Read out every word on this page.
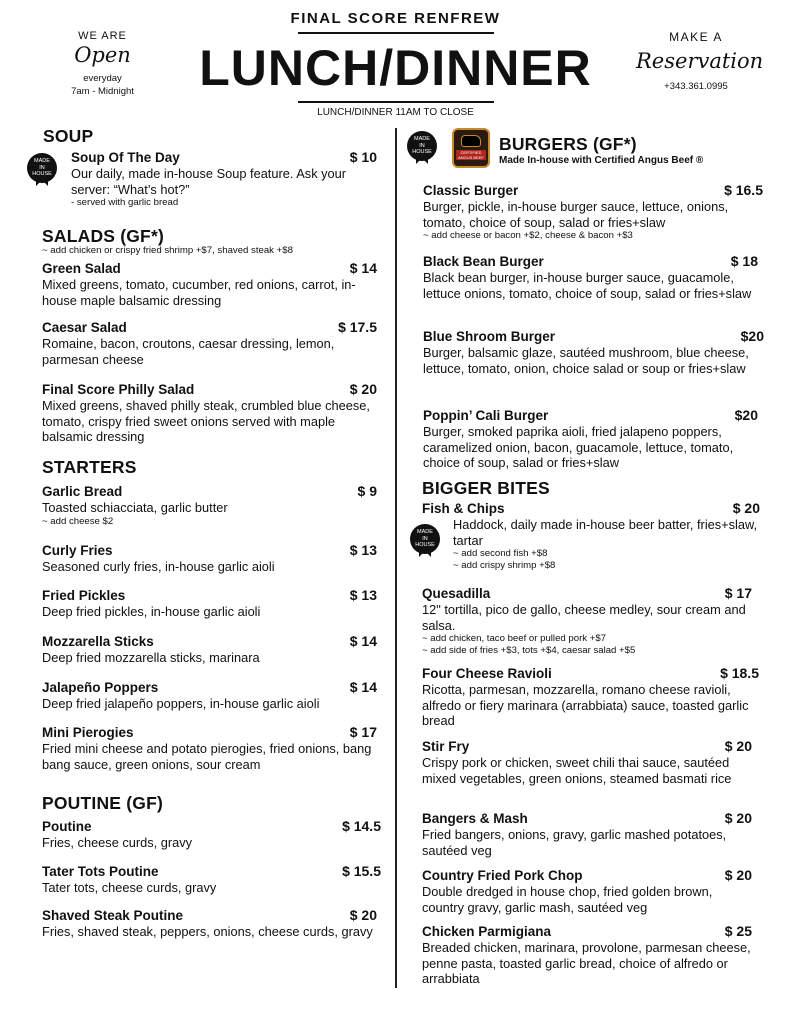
FINAL SCORE RENFREW
LUNCH/DINNER
LUNCH/DINNER 11AM TO CLOSE
WE ARE
Open
everyday
7am - Midnight
MAKE A
Reservation
+343.361.0995
SOUP
MADE
IN
HOUSE
Soup Of The Day	$ 10
Our daily, made in-house Soup feature. Ask your server: “What’s hot?”
- served with garlic bread
SALADS (GF*)
~ add chicken or crispy fried shrimp +$7, shaved steak +$8
Green Salad	$ 14
Mixed greens, tomato, cucumber, red onions, carrot, in-house maple balsamic dressing
Caesar Salad	$ 17.5
Romaine, bacon, croutons, caesar dressing, lemon, parmesan cheese
Final Score Philly Salad	$ 20
Mixed greens, shaved philly steak, crumbled blue cheese, tomato, crispy fried sweet onions served with maple balsamic dressing
STARTERS
Garlic Bread	$ 9
Toasted schiacciata, garlic butter
~ add cheese $2
Curly Fries	$ 13
Seasoned curly fries, in-house garlic aioli
Fried Pickles	$ 13
Deep fried pickles, in-house garlic aioli
Mozzarella Sticks	$ 14
Deep fried mozzarella sticks, marinara
Jalapeño Poppers	$ 14
Deep fried jalapeño poppers, in-house garlic aioli
Mini Pierogies	$ 17
Fried mini cheese and potato pierogies, fried onions, bang bang sauce, green onions, sour cream
POUTINE (GF)
Poutine	$ 14.5
Fries, cheese curds, gravy
Tater Tots Poutine	$ 15.5
Tater tots, cheese curds, gravy
Shaved Steak Poutine	$ 20
Fries, shaved steak, peppers, onions, cheese curds, gravy
MADE
IN
HOUSE	CERTIFIED ANGUS BEEF
BURGERS (GF*)
Made In-house with Certified Angus Beef ®
Classic Burger	$ 16.5
Burger, pickle, in-house burger sauce, lettuce, onions, tomato, choice of soup, salad or fries+slaw
~ add cheese or bacon +$2, cheese & bacon +$3
Black Bean Burger	$ 18
Black bean burger, in-house burger sauce, guacamole, lettuce onions, tomato, choice of soup, salad or fries+slaw
Blue Shroom Burger	$20
Burger, balsamic glaze, sautéed mushroom, blue cheese, lettuce, tomato, onion, choice salad or soup or fries+slaw
Poppin’ Cali Burger	$20
Burger, smoked paprika aioli, fried jalapeno poppers, caramelized onion, bacon, guacamole, lettuce, tomato, choice of soup, salad or fries+slaw
BIGGER BITES
Fish & Chips	$ 20
Haddock, daily made in-house beer batter, fries+slaw, tartar
~ add second fish +$8
~ add crispy shrimp +$8
MADE
IN
HOUSE
Quesadilla	$ 17
12" tortilla, pico de gallo, cheese medley, sour cream and salsa.
~ add chicken, taco beef or pulled pork +$7
~ add side of fries +$3, tots +$4, caesar salad +$5
Four Cheese Ravioli	$ 18.5
Ricotta, parmesan, mozzarella, romano cheese ravioli, alfredo or fiery marinara (arrabbiata) sauce, toasted garlic bread
Stir Fry	$ 20
Crispy pork or chicken, sweet chili thai sauce, sautéed mixed vegetables, green onions, steamed basmati rice
Bangers & Mash	$ 20
Fried bangers, onions, gravy, garlic mashed potatoes, sautéed veg
Country Fried Pork Chop	$ 20
Double dredged in house chop, fried golden brown, country gravy, garlic mash, sautéed veg
Chicken Parmigiana	$ 25
Breaded chicken, marinara, provolone, parmesan cheese, penne pasta, toasted garlic bread, choice of alfredo or arrabbiata
